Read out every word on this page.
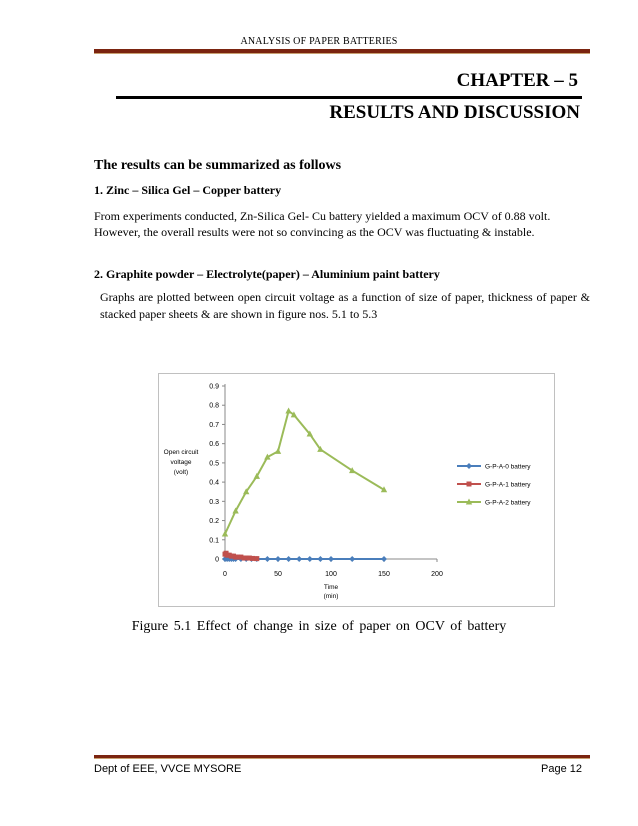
ANALYSIS OF PAPER BATTERIES
CHAPTER – 5
RESULTS AND DISCUSSION
The results can be summarized as follows
1. Zinc – Silica Gel – Copper battery
From experiments conducted, Zn-Silica Gel- Cu battery yielded a maximum OCV of 0.88 volt. However, the overall results were not so convincing as the OCV was fluctuating & instable.
2. Graphite powder – Electrolyte(paper) – Aluminium paint battery
Graphs are plotted between open circuit voltage as a function of size of paper, thickness of paper & stacked paper sheets & are shown in figure nos. 5.1 to 5.3
0
0.1
0.2
0.3
0.4
0.5
0.6
0.7
0.8
0.9
0	50	100	150	200
Open circuit
voltage
(volt)
Time
(min)
G-P-A-0 battery
G-P-A-1 battery
G-P-A-2 battery
Figure 5.1 Effect of change in size of paper on OCV of battery
Dept of EEE, VVCE MYSORE	Page 12
